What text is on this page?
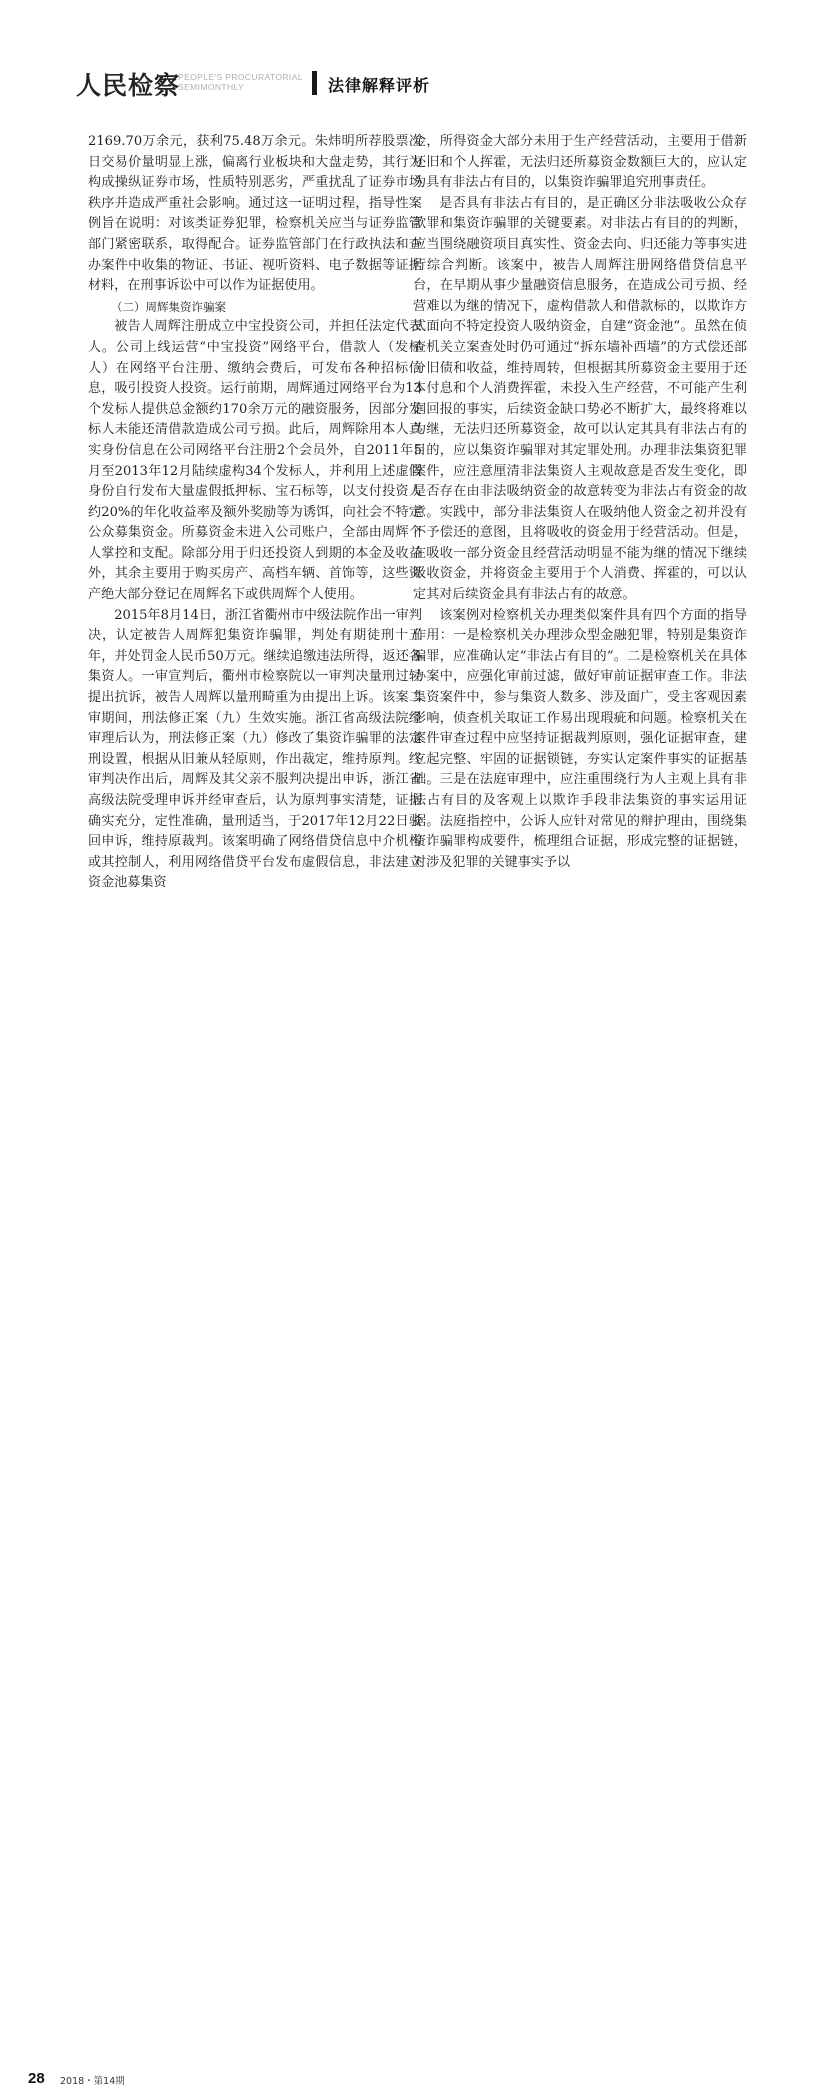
人民检察
PEOPLE'S PROCURATORIAL
SEMIMONTHLY	法律解释评析

2169.70万余元，获利75.48万余元。朱炜明所荐股票次日交易价量明显上涨，偏离行业板块和大盘走势，其行为构成操纵证券市场，性质特别恶劣，严重扰乱了证券市场秩序并造成严重社会影响。通过这一证明过程，指导性案例旨在说明：对该类证券犯罪，检察机关应当与证券监管部门紧密联系，取得配合。证券监管部门在行政执法和查办案件中收集的物证、书证、视听资料、电子数据等证据材料，在刑事诉讼中可以作为证据使用。

（二）周辉集资诈骗案

被告人周辉注册成立中宝投资公司，并担任法定代表人。公司上线运营“中宝投资”网络平台，借款人（发标人）在网络平台注册、缴纳会费后，可发布各种招标信息，吸引投资人投资。运行前期，周辉通过网络平台为13个发标人提供总金额约170余万元的融资服务，因部分发标人未能还清借款造成公司亏损。此后，周辉除用本人真实身份信息在公司网络平台注册2个会员外，自2011年5月至2013年12月陆续虚构34个发标人，并利用上述虚假身份自行发布大量虚假抵押标、宝石标等，以支付投资人约20%的年化收益率及额外奖励等为诱饵，向社会不特定公众募集资金。所募资金未进入公司账户，全部由周辉个人掌控和支配。除部分用于归还投资人到期的本金及收益外，其余主要用于购买房产、高档车辆、首饰等，这些资产绝大部分登记在周辉名下或供周辉个人使用。

2015年8月14日，浙江省衢州市中级法院作出一审判决，认定被告人周辉犯集资诈骗罪，判处有期徒刑十五年，并处罚金人民币50万元。继续追缴违法所得，返还各集资人。一审宣判后，衢州市检察院以一审判决量刑过轻提出抗诉，被告人周辉以量刑畸重为由提出上诉。该案二审期间，刑法修正案（九）生效实施。浙江省高级法院经审理后认为，刑法修正案（九）修改了集资诈骗罪的法定刑设置，根据从旧兼从轻原则，作出裁定，维持原判。终审判决作出后，周辉及其父亲不服判决提出申诉，浙江省高级法院受理申诉并经审查后，认为原判事实清楚，证据确实充分，定性准确，量刑适当，于2017年12月22日驳回申诉，维持原裁判。该案明确了网络借贷信息中介机构或其控制人，利用网络借贷平台发布虚假信息，非法建立资金池募集资

金，所得资金大部分未用于生产经营活动，主要用于借新还旧和个人挥霍，无法归还所募资金数额巨大的，应认定为具有非法占有目的，以集资诈骗罪追究刑事责任。

是否具有非法占有目的，是正确区分非法吸收公众存款罪和集资诈骗罪的关键要素。对非法占有目的的判断，应当围绕融资项目真实性、资金去向、归还能力等事实进行综合判断。该案中，被告人周辉注册网络借贷信息平台，在早期从事少量融资信息服务，在造成公司亏损、经营难以为继的情况下，虚构借款人和借款标的，以欺诈方式面向不特定投资人吸纳资金，自建“资金池”。虽然在侦查机关立案查处时仍可通过“拆东墙补西墙”的方式偿还部分旧债和收益，维持周转，但根据其所募资金主要用于还本付息和个人消费挥霍，未投入生产经营，不可能产生利润回报的事实，后续资金缺口势必不断扩大，最终将难以为继，无法归还所募资金，故可以认定其具有非法占有的目的，应以集资诈骗罪对其定罪处刑。办理非法集资犯罪案件，应注意厘清非法集资人主观故意是否发生变化，即是否存在由非法吸纳资金的故意转变为非法占有资金的故意。实践中，部分非法集资人在吸纳他人资金之初并没有不予偿还的意图，且将吸收的资金用于经营活动。但是，在吸收一部分资金且经营活动明显不能为继的情况下继续吸收资金，并将资金主要用于个人消费、挥霍的，可以认定其对后续资金具有非法占有的故意。

该案例对检察机关办理类似案件具有四个方面的指导作用：一是检察机关办理涉众型金融犯罪，特别是集资诈骗罪，应准确认定“非法占有目的”。二是检察机关在具体办案中，应强化审前过滤，做好审前证据审查工作。非法集资案件中，参与集资人数多、涉及面广，受主客观因素影响，侦查机关取证工作易出现瑕疵和问题。检察机关在案件审查过程中应坚持证据裁判原则，强化证据审查，建立起完整、牢固的证据锁链，夯实认定案件事实的证据基础。三是在法庭审理中，应注重围绕行为人主观上具有非法占有目的及客观上以欺诈手段非法集资的事实运用证据。法庭指控中，公诉人应针对常见的辩护理由，围绕集资诈骗罪构成要件，梳理组合证据，形成完整的证据链，对涉及犯罪的关键事实予以

28 2018・第14期
